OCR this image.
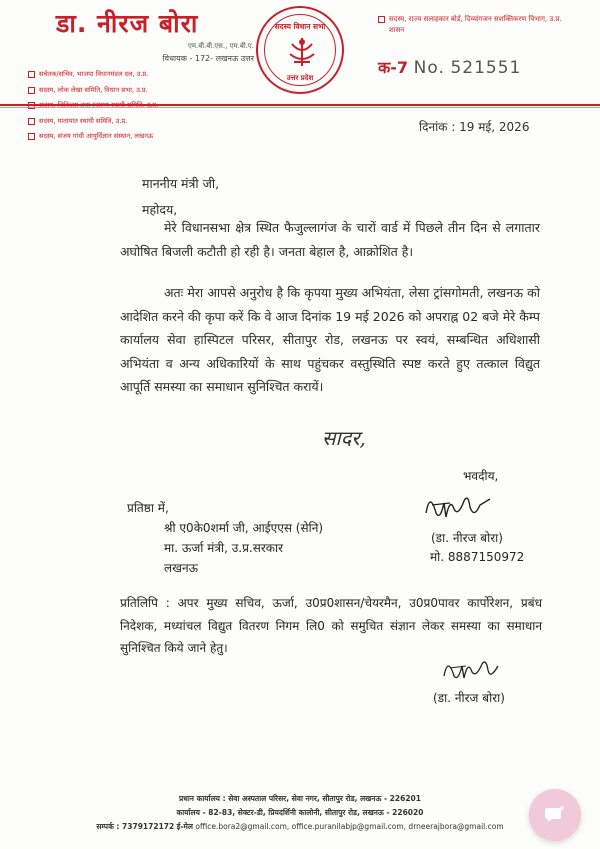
डा. नीरज बोरा
एम.बी.बी.एस., एम.बी.ए.
विधायक - 172- लखनऊ उत्तर
सचेतक/सचिव, भाजपा विधानमंडल दल, उ.प्र.
सदस्य, लोक लेखा समिति, विधान सभा, उ.प्र.
सदस्य, यातायात स्थायी समिति, उ.प्र.
सदस्य, संजय गांधी आयुर्विज्ञान संस्थान, लखनऊ
सदस्य विधान सभा
उत्तर प्रदेश
सदस्य, राज्य सलाहकार बोर्ड, दिव्यांगजन सशक्तिकरण विभाग, उ.प्र. शासन
क-7 No. 521551
दिनांक : 19 मई, 2026
माननीय मंत्री जी,
महोदय,
मेरे विधानसभा क्षेत्र स्थित फैजुल्लागंज के चारों वार्ड में पिछले तीन दिन से लगातार अघोषित बिजली कटौती हो रही है। जनता बेहाल है, आक्रोशित है।
अतः मेरा आपसे अनुरोध है कि कृपया मुख्य अभियंता, लेसा ट्रांसगोमती, लखनऊ को आदेशित करने की कृपा करें कि वे आज दिनांक 19 मई 2026 को अपराह्न 02 बजे मेरे कैम्प कार्यालय सेवा हास्पिटल परिसर, सीतापुर रोड, लखनऊ पर स्वयं, सम्बन्धित अधिशासी अभियंता व अन्य अधिकारियों के साथ पहुंचकर वस्तुस्थिति स्पष्ट करते हुए तत्काल विद्युत आपूर्ति समस्या का समाधान सुनिश्चित करायें।
सादर,
भवदीय,
(डा. नीरज बोरा)
मो. 8887150972
प्रतिष्ठा में,
श्री ए0के0शर्मा जी, आईएएस (सेनि)
मा. ऊर्जा मंत्री, उ.प्र.सरकार
लखनऊ
प्रतिलिपि : अपर मुख्य सचिव, ऊर्जा, उ0प्र0शासन/चेयरमैन, उ0प्र0पावर कार्पोरेशन, प्रबंध निदेशक, मध्यांचल विद्युत वितरण निगम लि0 को समुचित संज्ञान लेकर समस्या का समाधान सुनिश्चित किये जाने हेतु।
(डा. नीरज बोरा)
प्रधान कार्यालय : सेवा अस्पताल परिसर, सेवा नगर, सीतापुर रोड, लखनऊ - 226201
कार्यालय - 82-83, सेक्टर-डी, प्रियदर्शिनी कालोनी, सीतापुर रोड, लखनऊ - 226020
सम्पर्क : 7379172172 ई-मेल office.bora2@gmail.com, office.puranilabjp@gmail.com, drneerajbora@gmail.com
